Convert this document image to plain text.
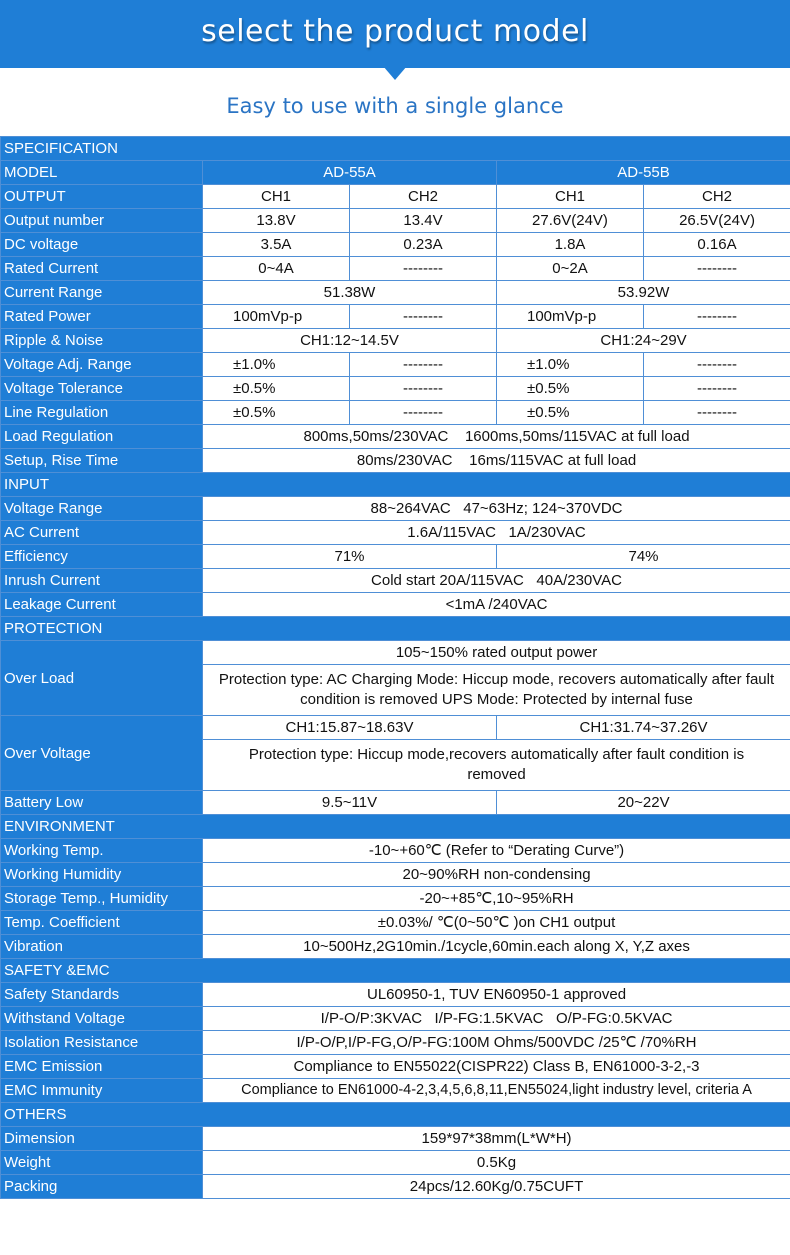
select the product model
Easy to use with a single glance
SPECIFICATION				
MODEL	AD-55A		AD-55B	
OUTPUT	CH1	CH2	CH1	CH2
Output number	13.8V	13.4V	27.6V(24V)	26.5V(24V)
DC voltage	3.5A	0.23A	1.8A	0.16A
Rated Current	0~4A	--------	0~2A	--------
Current Range	51.38W		53.92W	
Rated Power	100mVp-p	--------	100mVp-p	--------
Ripple & Noise	CH1:12~14.5V		CH1:24~29V	
Voltage Adj. Range	±1.0%	--------	±1.0%	--------
Voltage Tolerance	±0.5%	--------	±0.5%	--------
Line Regulation	±0.5%	--------	±0.5%	--------
Load Regulation	800ms,50ms/230VAC    1600ms,50ms/115VAC at full load			
Setup, Rise Time	80ms/230VAC    16ms/115VAC at full load			
INPUT				
Voltage Range	88~264VAC   47~63Hz; 124~370VDC			
AC Current	1.6A/115VAC   1A/230VAC			
Efficiency	71%		74%	
Inrush Current	Cold start 20A/115VAC   40A/230VAC			
Leakage Current	<1mA /240VAC			
PROTECTION				
Over Load	105~150% rated output power			
	Protection type: AC Charging Mode: Hiccup mode, recovers automatically after fault condition is removed UPS Mode: Protected by internal fuse			
Over Voltage	CH1:15.87~18.63V		CH1:31.74~37.26V	
	Protection type: Hiccup mode,recovers automatically after fault condition is removed			
Battery Low	9.5~11V		20~22V	
ENVIRONMENT				
Working Temp.	-10~+60℃ (Refer to “Derating Curve”)			
Working Humidity	20~90%RH non-condensing			
Storage Temp., Humidity	-20~+85℃,10~95%RH			
Temp. Coefficient	±0.03%/ ℃(0~50℃ )on CH1 output			
Vibration	10~500Hz,2G10min./1cycle,60min.each along X, Y,Z axes			
SAFETY &EMC				
Safety Standards	UL60950-1, TUV EN60950-1 approved			
Withstand Voltage	I/P-O/P:3KVAC   I/P-FG:1.5KVAC   O/P-FG:0.5KVAC			
Isolation Resistance	I/P-O/P,I/P-FG,O/P-FG:100M Ohms/500VDC /25℃ /70%RH			
EMC Emission	Compliance to EN55022(CISPR22) Class B, EN61000-3-2,-3			
EMC Immunity	Compliance to EN61000-4-2,3,4,5,6,8,11,EN55024,light industry level, criteria A			
OTHERS				
Dimension	159*97*38mm(L*W*H)			
Weight	0.5Kg			
Packing	24pcs/12.60Kg/0.75CUFT			
